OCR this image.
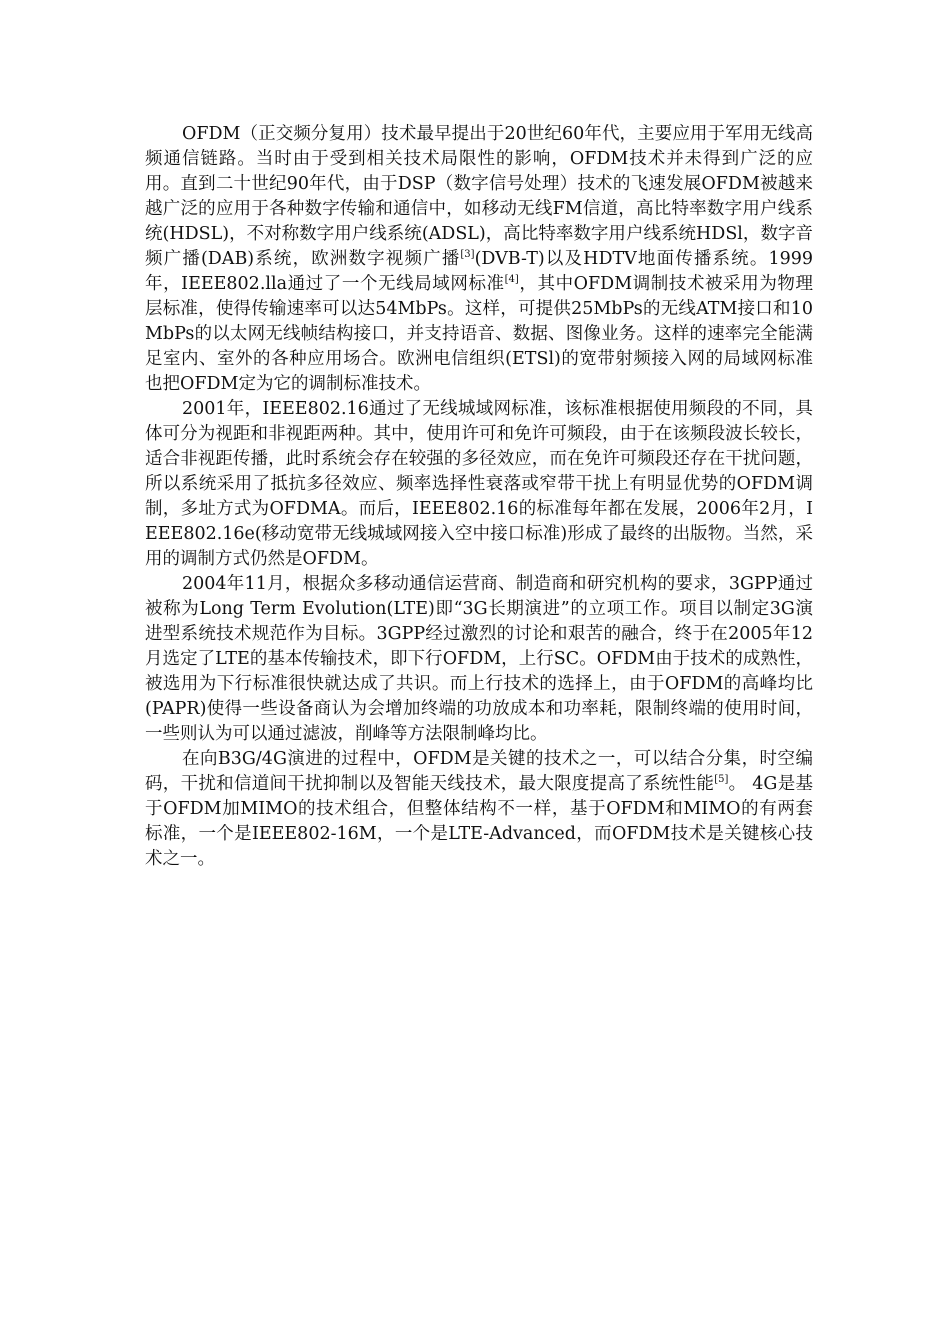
OFDM（正交频分复用）技术最早提出于20世纪60年代，主要应用于军用无线高频通信链路。当时由于受到相关技术局限性的影响，OFDM技术并未得到广泛的应用。直到二十世纪90年代，由于DSP（数字信号处理）技术的飞速发展OFDM被越来越广泛的应用于各种数字传输和通信中，如移动无线FM信道，高比特率数字用户线系统(HDSL)，不对称数字用户线系统(ADSL)，高比特率数字用户线系统HDSl，数字音频广播(DAB)系统，欧洲数字视频广播[3](DVB-T)以及HDTV地面传播系统。1999年，IEEE802.lla通过了一个无线局域网标准[4]，其中OFDM调制技术被采用为物理层标准，使得传输速率可以达54MbPs。这样，可提供25MbPs的无线ATM接口和10MbPs的以太网无线帧结构接口，并支持语音、数据、图像业务。这样的速率完全能满足室内、室外的各种应用场合。欧洲电信组织(ETSl)的宽带射频接入网的局域网标准也把OFDM定为它的调制标准技术。

2001年，IEEE802.16通过了无线城域网标准，该标准根据使用频段的不同，具体可分为视距和非视距两种。其中，使用许可和免许可频段，由于在该频段波长较长，适合非视距传播，此时系统会存在较强的多径效应，而在免许可频段还存在干扰问题，所以系统采用了抵抗多径效应、频率选择性衰落或窄带干扰上有明显优势的OFDM调制，多址方式为OFDMA。而后，IEEE802.16的标准每年都在发展，2006年2月，IEEE802.16e(移动宽带无线城域网接入空中接口标准)形成了最终的出版物。当然，采用的调制方式仍然是OFDM。

2004年11月，根据众多移动通信运营商、制造商和研究机构的要求，3GPP通过被称为Long Term Evolution(LTE)即“3G长期演进”的立项工作。项目以制定3G演进型系统技术规范作为目标。3GPP经过激烈的讨论和艰苦的融合，终于在2005年12月选定了LTE的基本传输技术，即下行OFDM，上行SC。OFDM由于技术的成熟性，被选用为下行标准很快就达成了共识。而上行技术的选择上，由于OFDM的高峰均比(PAPR)使得一些设备商认为会增加终端的功放成本和功率耗，限制终端的使用时间，一些则认为可以通过滤波，削峰等方法限制峰均比。

在向B3G/4G演进的过程中，OFDM是关键的技术之一，可以结合分集，时空编码，干扰和信道间干扰抑制以及智能天线技术，最大限度提高了系统性能[5]。 4G是基于OFDM加MIMO的技术组合，但整体结构不一样，基于OFDM和MIMO的有两套标准，一个是IEEE802-16M，一个是LTE-Advanced，而OFDM技术是关键核心技术之一。
